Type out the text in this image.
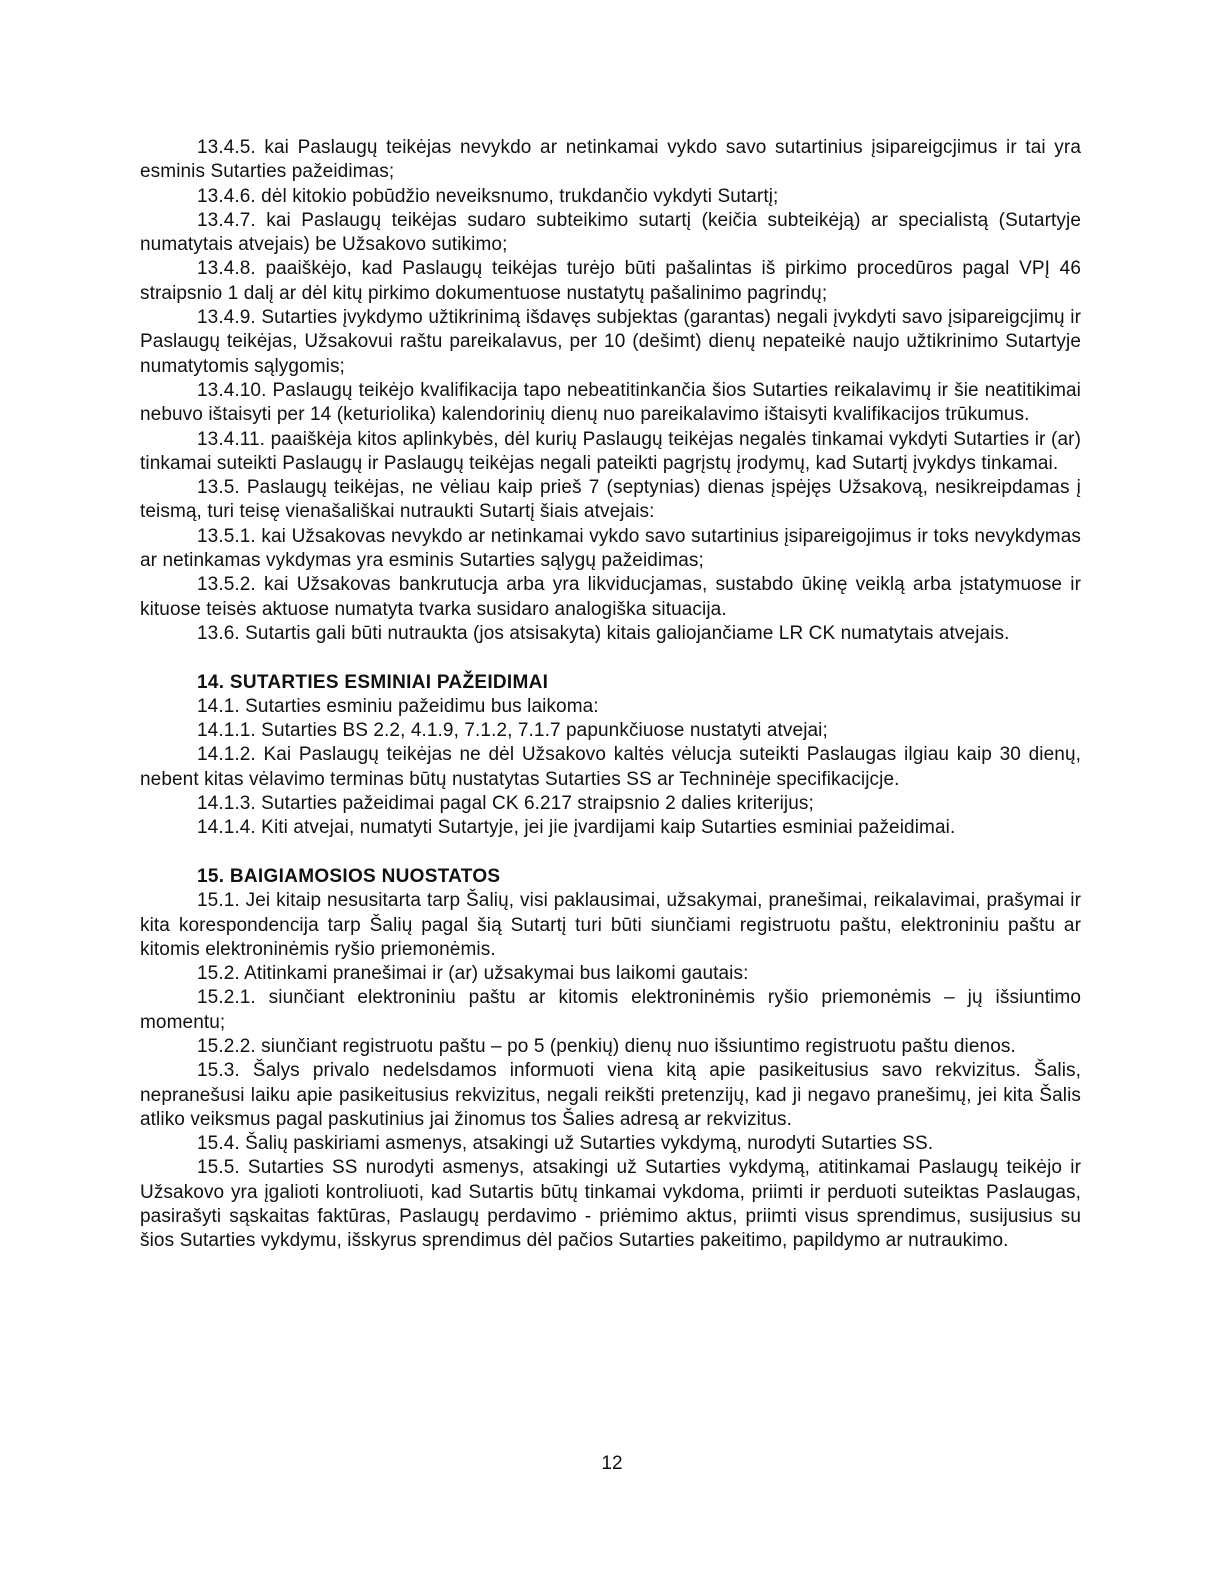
13.4.5. kai Paslaugų teikėjas nevykdo ar netinkamai vykdo savo sutartinius įsipareigcjimus ir tai yra esminis Sutarties pažeidimas;

13.4.6. dėl kitokio pobūdžio neveiksnumo, trukdančio vykdyti Sutartį;

13.4.7. kai Paslaugų teikėjas sudaro subteikimo sutartį (keičia subteikėją) ar specialistą (Sutartyje numatytais atvejais) be Užsakovo sutikimo;

13.4.8. paaiškėjo, kad Paslaugų teikėjas turėjo būti pašalintas iš pirkimo procedūros pagal VPĮ 46 straipsnio 1 dalį ar dėl kitų pirkimo dokumentuose nustatytų pašalinimo pagrindų;

13.4.9. Sutarties įvykdymo užtikrinimą išdavęs subjektas (garantas) negali įvykdyti savo įsipareigcjimų ir Paslaugų teikėjas, Užsakovui raštu pareikalavus, per 10 (dešimt) dienų nepateikė naujo užtikrinimo Sutartyje numatytomis sąlygomis;

13.4.10. Paslaugų teikėjo kvalifikacija tapo nebeatitinkančia šios Sutarties reikalavimų ir šie neatitikimai nebuvo ištaisyti per 14 (keturiolika) kalendorinių dienų nuo pareikalavimo ištaisyti kvalifikacijos trūkumus.

13.4.11. paaiškėja kitos aplinkybės, dėl kurių Paslaugų teikėjas negalės tinkamai vykdyti Sutarties ir (ar) tinkamai suteikti Paslaugų ir Paslaugų teikėjas negali pateikti pagrįstų įrodymų, kad Sutartį įvykdys tinkamai.

13.5. Paslaugų teikėjas, ne vėliau kaip prieš 7 (septynias) dienas įspėjęs Užsakovą, nesikreipdamas į teismą, turi teisę vienašališkai nutraukti Sutartį šiais atvejais:

13.5.1. kai Užsakovas nevykdo ar netinkamai vykdo savo sutartinius įsipareigojimus ir toks nevykdymas ar netinkamas vykdymas yra esminis Sutarties sąlygų pažeidimas;

13.5.2. kai Užsakovas bankrutucja arba yra likviducjamas, sustabdo ūkinę veiklą arba įstatymuose ir kituose teisės aktuose numatyta tvarka susidaro analogiška situacija.

13.6. Sutartis gali būti nutraukta (jos atsisakyta) kitais galiojančiame LR CK numatytais atvejais.

14. SUTARTIES ESMINIAI PAŽEIDIMAI

14.1. Sutarties esminiu pažeidimu bus laikoma:

14.1.1. Sutarties BS 2.2, 4.1.9, 7.1.2, 7.1.7 papunkčiuose nustatyti atvejai;

14.1.2. Kai Paslaugų teikėjas ne dėl Užsakovo kaltės vėlucja suteikti Paslaugas ilgiau kaip 30 dienų, nebent kitas vėlavimo terminas būtų nustatytas Sutarties SS ar Techninėje specifikacijcje.

14.1.3. Sutarties pažeidimai pagal CK 6.217 straipsnio 2 dalies kriterijus;

14.1.4. Kiti atvejai, numatyti Sutartyje, jei jie įvardijami kaip Sutarties esminiai pažeidimai.

15. BAIGIAMOSIOS NUOSTATOS

15.1. Jei kitaip nesusitarta tarp Šalių, visi paklausimai, užsakymai, pranešimai, reikalavimai, prašymai ir kita korespondencija tarp Šalių pagal šią Sutartį turi būti siunčiami registruotu paštu, elektroniniu paštu ar kitomis elektroninėmis ryšio priemonėmis.

15.2. Atitinkami pranešimai ir (ar) užsakymai bus laikomi gautais:

15.2.1. siunčiant elektroniniu paštu ar kitomis elektroninėmis ryšio priemonėmis – jų išsiuntimo momentu;

15.2.2. siunčiant registruotu paštu – po 5 (penkių) dienų nuo išsiuntimo registruotu paštu dienos.

15.3. Šalys privalo nedelsdamos informuoti viena kitą apie pasikeitusius savo rekvizitus. Šalis, nepranešusi laiku apie pasikeitusius rekvizitus, negali reikšti pretenzijų, kad ji negavo pranešimų, jei kita Šalis atliko veiksmus pagal paskutinius jai žinomus tos Šalies adresą ar rekvizitus.

15.4. Šalių paskiriami asmenys, atsakingi už Sutarties vykdymą, nurodyti Sutarties SS.

15.5. Sutarties SS nurodyti asmenys, atsakingi už Sutarties vykdymą, atitinkamai Paslaugų teikėjo ir Užsakovo yra įgalioti kontroliuoti, kad Sutartis būtų tinkamai vykdoma, priimti ir perduoti suteiktas Paslaugas, pasirašyti sąskaitas faktūras, Paslaugų perdavimo - priėmimo aktus, priimti visus sprendimus, susijusius su šios Sutarties vykdymu, išskyrus sprendimus dėl pačios Sutarties pakeitimo, papildymo ar nutraukimo.

12
